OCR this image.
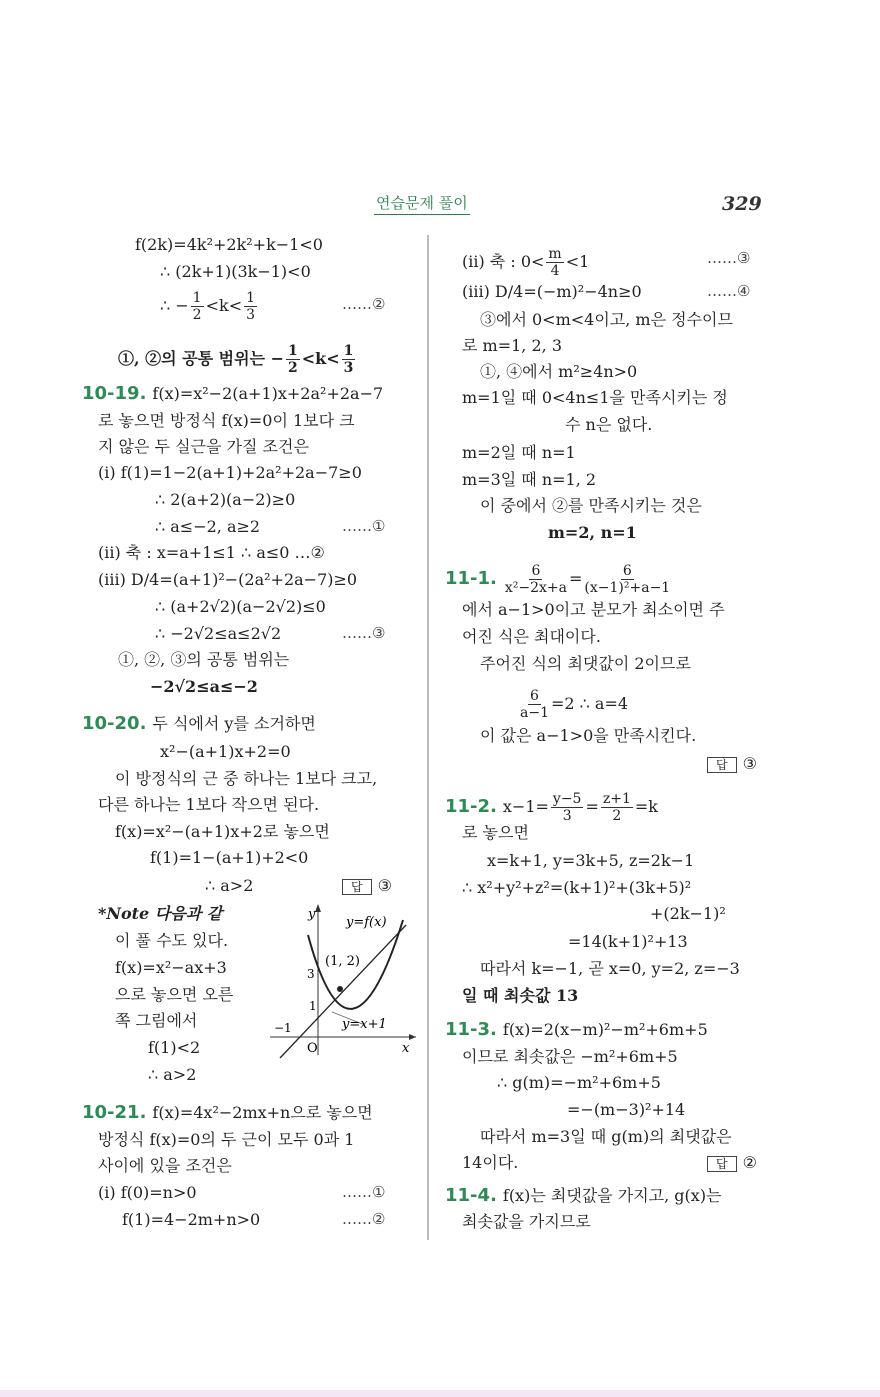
연습문제 풀이	329
f(2k)=4k²+2k²+k−1<0
∴ (2k+1)(3k−1)<0
∴ − $\frac{1}{2} <k< \frac{1}{3}$	……②
①, ②의 공통 범위는 − $\frac{1}{2} <k< \frac{1}{3}$
10-19. f(x)=x²−2(a+1)x+2a²+2a−7
로 놓으면 방정식 f(x)=0이 1보다 크
지 않은 두 실근을 가질 조건은
(i) f(1)=1−2(a+1)+2a²+2a−7≥0
∴ 2(a+2)(a−2)≥0
∴ a≤−2, a≥2	……①
(ii) 축 : x=a+1≤1 ∴ a≤0 …②
(iii) D/4=(a+1)²−(2a²+2a−7)≥0
∴ (a+2√2)(a−2√2)≤0
∴ −2√2≤a≤2√2	……③
①, ②, ③의 공통 범위는
−2√2≤a≤−2
10-20. 두 식에서 y를 소거하면
x²−(a+1)x+2=0
이 방정식의 근 중 하나는 1보다 크고,
다른 하나는 1보다 작으면 된다.
f(x)=x²−(a+1)x+2로 놓으면
f(1)=1−(a+1)+2<0
∴ a>2	답 ③
*Note 다음과 같
이 풀 수도 있다.
f(x)=x²−ax+3
으로 놓으면 오른
쪽 그림에서
f(1)<2
∴ a>2
y
x
O
y=f(x)
(1, 2)
y=x+1
3
1
−1
10-21. f(x)=4x²−2mx+n으로 놓으면
방정식 f(x)=0의 두 근이 모두 0과 1
사이에 있을 조건은
(i) f(0)=n>0	……①
f(1)=4−2m+n>0	……②
(ii) 축 : $0< \frac{m}{4} <1$	……③
(iii) D/4=(−m)²−4n≥0	……④
③에서 0<m<4이고, m은 정수이므
로 m=1, 2, 3
①, ④에서 m²≥4n>0
m=1일 때 0<4n≤1을 만족시키는 정
수 n은 없다.
m=2일 때 n=1
m=3일 때 n=1, 2
이 중에서 ②를 만족시키는 것은
m=2, n=1
11-1. $\frac{6}{\text{x²−2x+a}} = \frac{6}{\text{(x−1)²+a−1}}$
에서 a−1>0이고 분모가 최소이면 주
어진 식은 최대이다.
주어진 식의 최댓값이 2이므로
$\frac{6}{a-1} =2$ ∴ a=4
이 값은 a−1>0을 만족시킨다.
답 ③
11-2. $x-1= \frac{y-5}{3} = \frac{z+1}{2} =k$
로 놓으면
x=k+1, y=3k+5, z=2k−1
∴ x²+y²+z²=(k+1)²+(3k+5)²
+(2k−1)²
=14(k+1)²+13
따라서 k=−1, 곧 x=0, y=2, z=−3
일 때 최솟값 13
11-3. f(x)=2(x−m)²−m²+6m+5
이므로 최솟값은 −m²+6m+5
∴ g(m)=−m²+6m+5
=−(m−3)²+14
따라서 m=3일 때 g(m)의 최댓값은
14이다.	답 ②
11-4. f(x)는 최댓값을 가지고, g(x)는
최솟값을 가지므로
